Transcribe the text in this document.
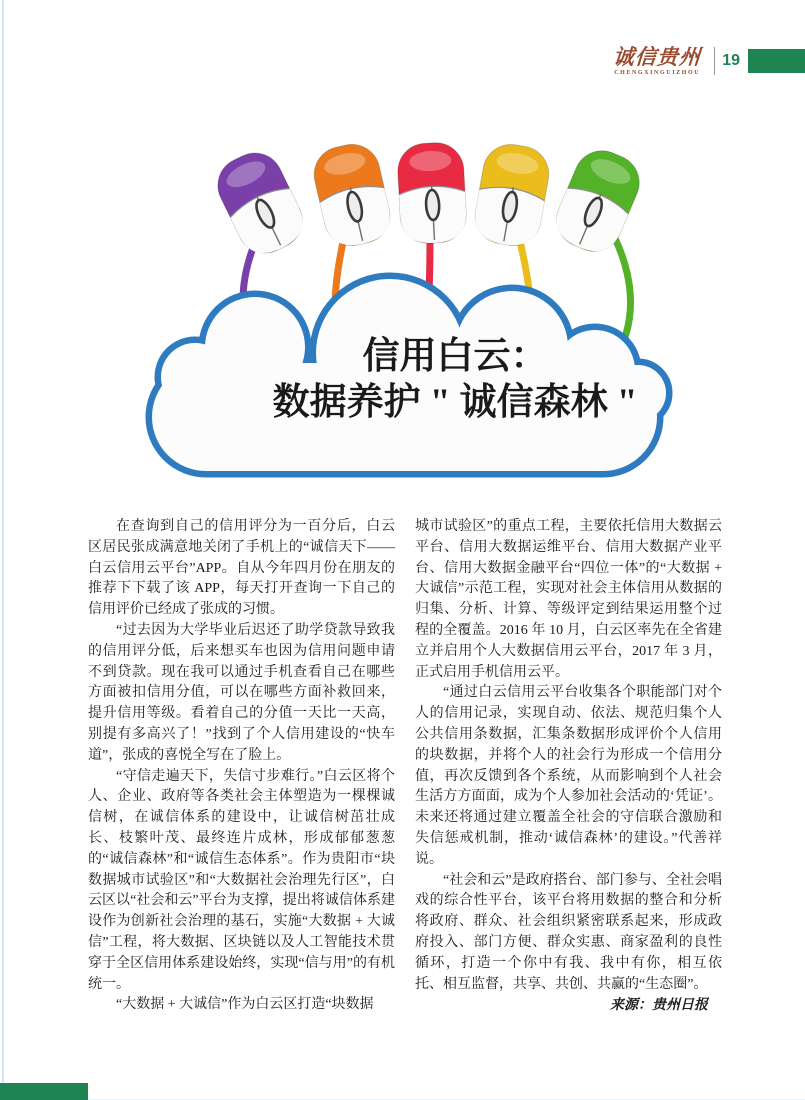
诚信贵州
CHENGXINGUIZHOU
19
信用白云：
数据养护 " 诚信森林 "

在查询到自己的信用评分为一百分后，白云区居民张成满意地关闭了手机上的“诚信天下——白云信用云平台”APP。自从今年四月份在朋友的推荐下下载了该 APP，每天打开查询一下自己的信用评价已经成了张成的习惯。

“过去因为大学毕业后迟还了助学贷款导致我的信用评分低，后来想买车也因为信用问题申请不到贷款。现在我可以通过手机查看自己在哪些方面被扣信用分值，可以在哪些方面补救回来，提升信用等级。看着自己的分值一天比一天高，别提有多高兴了！”找到了个人信用建设的“快车道”，张成的喜悦全写在了脸上。

“守信走遍天下，失信寸步难行。”白云区将个人、企业、政府等各类社会主体塑造为一棵棵诚信树，在诚信体系的建设中，让诚信树茁壮成长、枝繁叶茂、最终连片成林，形成郁郁葱葱的“诚信森林”和“诚信生态体系”。作为贵阳市“块数据城市试验区”和“大数据社会治理先行区”，白云区以“社会和云”平台为支撑，提出将诚信体系建设作为创新社会治理的基石，实施“大数据 + 大诚信”工程，将大数据、区块链以及人工智能技术贯穿于全区信用体系建设始终，实现“信与用”的有机统一。

“大数据 + 大诚信”作为白云区打造“块数据

城市试验区”的重点工程，主要依托信用大数据云平台、信用大数据运维平台、信用大数据产业平台、信用大数据金融平台“四位一体”的“大数据 + 大诚信”示范工程，实现对社会主体信用从数据的归集、分析、计算、等级评定到结果运用整个过程的全覆盖。2016 年 10 月，白云区率先在全省建立并启用个人大数据信用云平台，2017 年 3 月，正式启用手机信用云平。

“通过白云信用云平台收集各个职能部门对个人的信用记录，实现自动、依法、规范归集个人公共信用条数据，汇集条数据形成评价个人信用的块数据，并将个人的社会行为形成一个信用分值，再次反馈到各个系统，从而影响到个人社会生活方方面面，成为个人参加社会活动的‘凭证’。未来还将通过建立覆盖全社会的守信联合激励和失信惩戒机制，推动‘诚信森林’的建设。”代善祥说。

“社会和云”是政府搭台、部门参与、全社会唱戏的综合性平台，该平台将用数据的整合和分析将政府、群众、社会组织紧密联系起来，形成政府投入、部门方便、群众实惠、商家盈利的良性循环，打造一个你中有我、我中有你，相互依托、相互监督，共享、共创、共赢的“生态圈”。

来源：贵州日报
